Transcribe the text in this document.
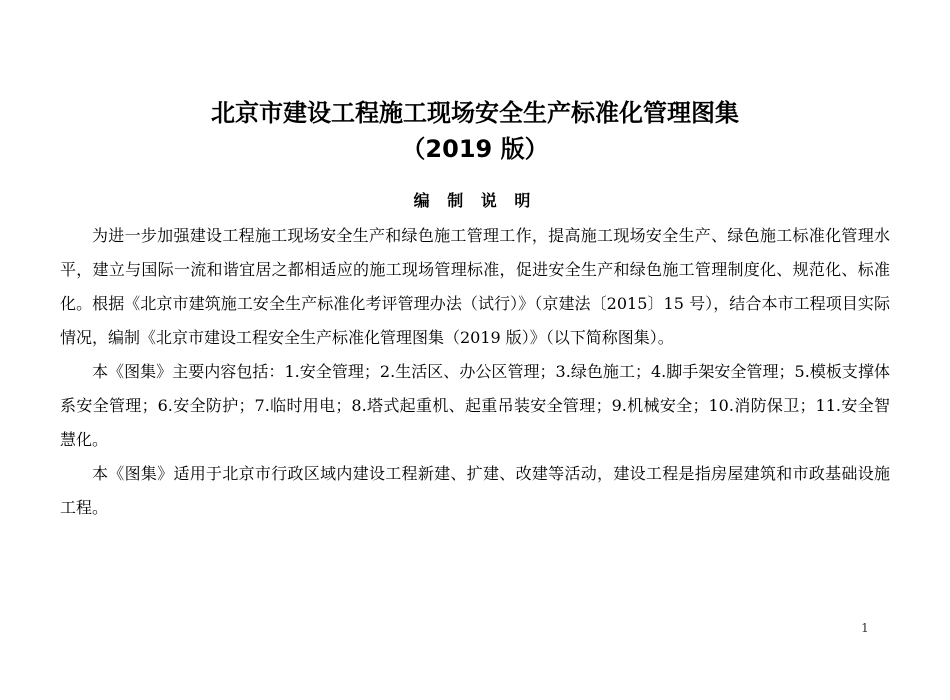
北京市建设工程施工现场安全生产标准化管理图集
（2019 版）
编 制 说 明

为进一步加强建设工程施工现场安全生产和绿色施工管理工作，提高施工现场安全生产、绿色施工标准化管理水平，建立与国际一流和谐宜居之都相适应的施工现场管理标准，促进安全生产和绿色施工管理制度化、规范化、标准化。根据《北京市建筑施工安全生产标准化考评管理办法（试行）》（京建法〔2015〕15 号），结合本市工程项目实际情况，编制《北京市建设工程安全生产标准化管理图集（2019 版）》（以下简称图集）。

本《图集》主要内容包括：1.安全管理；2.生活区、办公区管理；3.绿色施工；4.脚手架安全管理；5.模板支撑体系安全管理；6.安全防护；7.临时用电；8.塔式起重机、起重吊装安全管理；9.机械安全；10.消防保卫；11.安全智慧化。

本《图集》适用于北京市行政区域内建设工程新建、扩建、改建等活动，建设工程是指房屋建筑和市政基础设施工程。

1
